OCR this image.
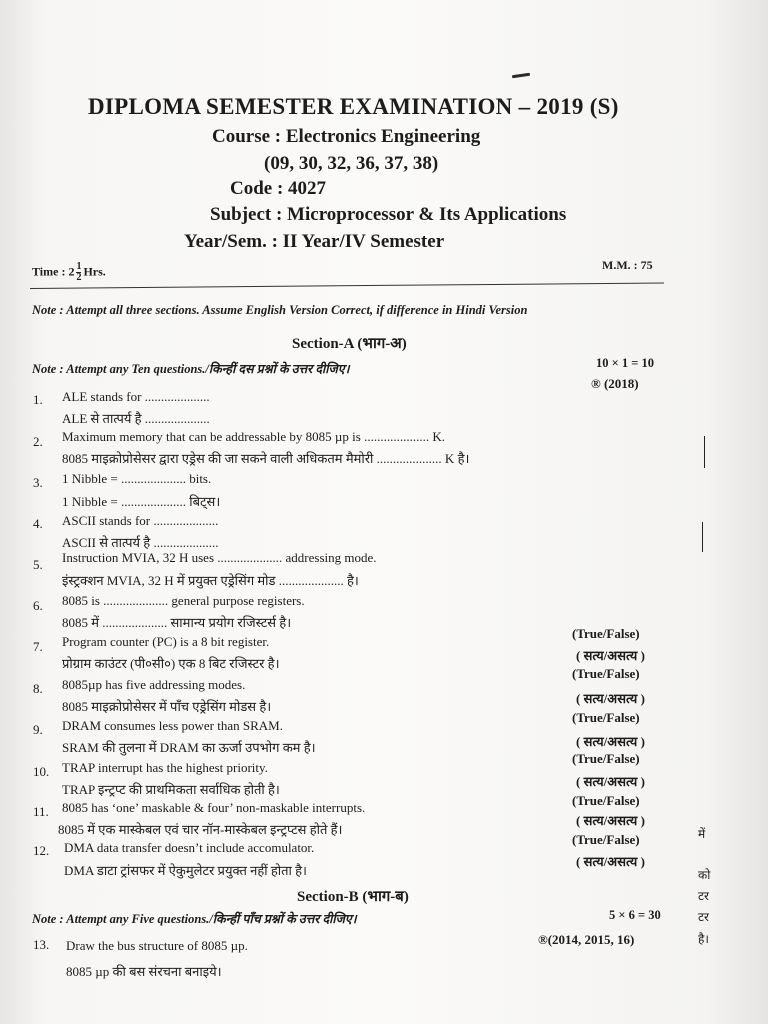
DIPLOMA SEMESTER EXAMINATION – 2019 (S)
Course : Electronics Engineering
(09, 30, 32, 36, 37, 38)
Code : 4027
Subject : Microprocessor & Its Applications
Year/Sem. : II Year/IV Semester
Time : $2 \frac{1}{2}$ Hrs.	M.M. : 75
Note : Attempt all three sections. Assume English Version Correct, if difference in Hindi Version
Section-A (भाग-अ)
Note : Attempt any Ten questions./किन्हीं दस प्रश्नों के उत्तर दीजिए।	10 × 1 = 10
® (2018)
1. ALE stands for ....................
ALE से तात्पर्य है ....................
2. Maximum memory that can be addressable by 8085 µp is .................... K.
8085 माइक्रोप्रोसेसर द्वारा एड्रेस की जा सकने वाली अधिकतम मैमोरी .................... K है।
3. 1 Nibble = .................... bits.
1 Nibble = .................... बिट्स।
4. ASCII stands for ....................
ASCII से तात्पर्य है ....................
5. Instruction MVIA, 32 H uses .................... addressing mode.
इंस्ट्रक्शन MVIA, 32 H में प्रयुक्त एड्रेसिंग मोड .................... है।
6. 8085 is .................... general purpose registers.
8085 में .................... सामान्य प्रयोग रजिस्टर्स है।
7. Program counter (PC) is a 8 bit register.
प्रोग्राम काउंटर (पी०सी०) एक 8 बिट रजिस्टर है।
(True/False)
( सत्य/असत्य )
8. 8085µp has five addressing modes.
8085 माइक्रोप्रोसेसर में पाँच एड्रेसिंग मोडस है।
(True/False)
( सत्य/असत्य )
9. DRAM consumes less power than SRAM.
SRAM की तुलना में DRAM का ऊर्जा उपभोग कम है।
(True/False)
( सत्य/असत्य )
10. TRAP interrupt has the highest priority.
TRAP इन्ट्रप्ट की प्राथमिकता सर्वाधिक होती है।
(True/False)
( सत्य/असत्य )
11. 8085 has ‘one’ maskable & four’ non-maskable interrupts.
8085 में एक मास्केबल एवं चार नॉन-मास्केबल इन्ट्रप्टस होते हैं।
(True/False)
( सत्य/असत्य )
12. DMA data transfer doesn’t include accomulator.
DMA डाटा ट्रांसफर में ऐकुमुलेटर प्रयुक्त नहीं होता है।
(True/False)
( सत्य/असत्य )
Section-B (भाग-ब)
Note : Attempt any Five questions./किन्हीं पाँच प्रश्नों के उत्तर दीजिए।	5 × 6 = 30
®(2014, 2015, 16)
13. Draw the bus structure of 8085 µp.
8085 µp की बस संरचना बनाइये।
में
को
टर
टर
है।
